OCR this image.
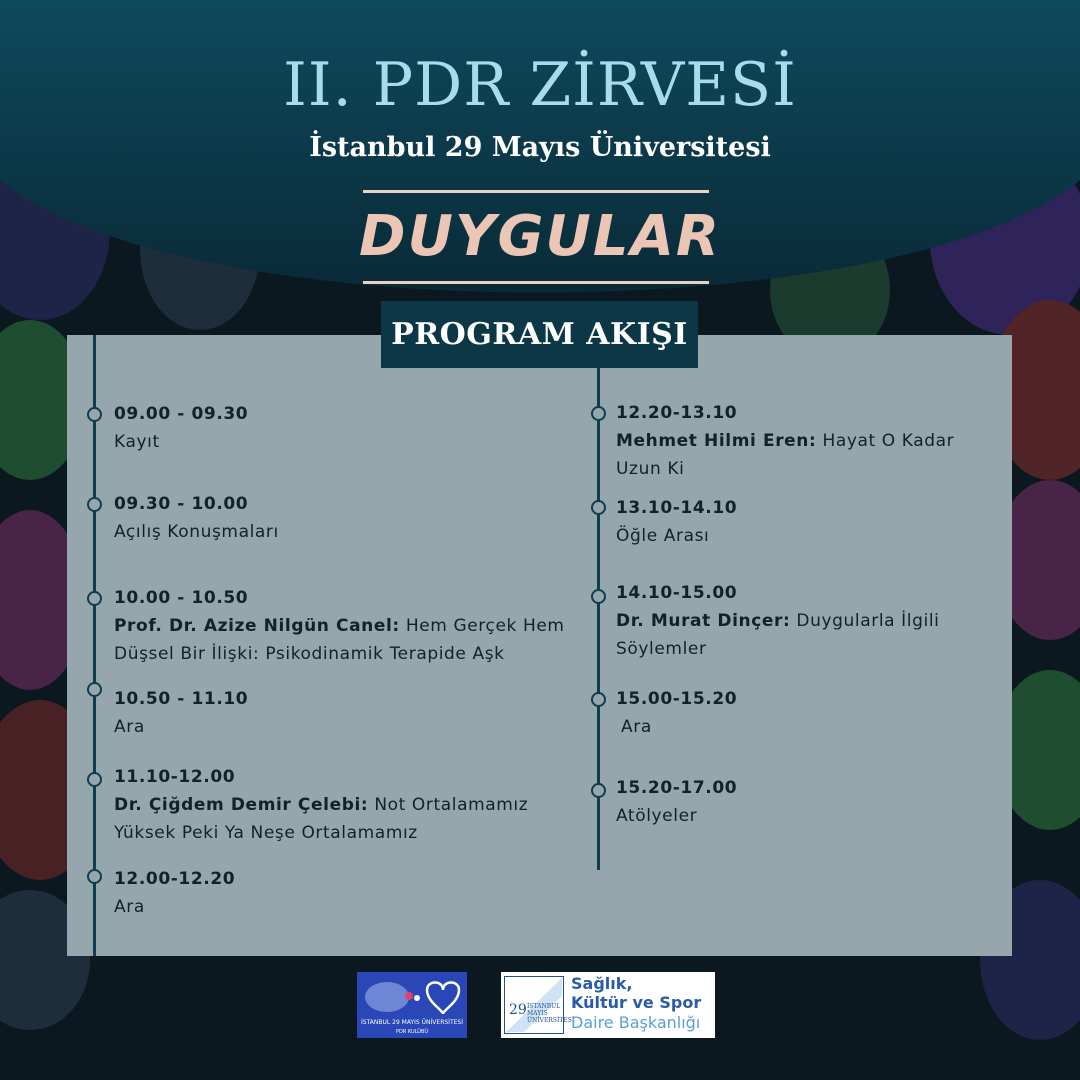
II. PDR ZİRVESİ
İstanbul 29 Mayıs Üniversitesi
DUYGULAR
PROGRAM AKIŞI
09.00 - 09.30
Kayıt
09.30 - 10.00
Açılış Konuşmaları
10.00 - 10.50
Prof. Dr. Azize Nilgün Canel: Hem Gerçek Hem Düşsel Bir İlişki: Psikodinamik Terapide Aşk
10.50 - 11.10
Ara
11.10-12.00
Dr. Çiğdem Demir Çelebi: Not Ortalamamız Yüksek Peki Ya Neşe Ortalamamız
12.00-12.20
Ara
12.20-13.10
Mehmet Hilmi Eren: Hayat O Kadar Uzun Ki
13.10-14.10
Öğle Arası
14.10-15.00
Dr. Murat Dinçer: Duygularla İlgili Söylemler
15.00-15.20
Ara
15.20-17.00
Atölyeler
İSTANBUL 29 MAYIS ÜNİVERSİTESİ
PDR KULÜBÜ
29 İSTANBUL
MAYIS
ÜNİVERSİTESİ
Sağlık,
Kültür ve Spor
Daire Başkanlığı
